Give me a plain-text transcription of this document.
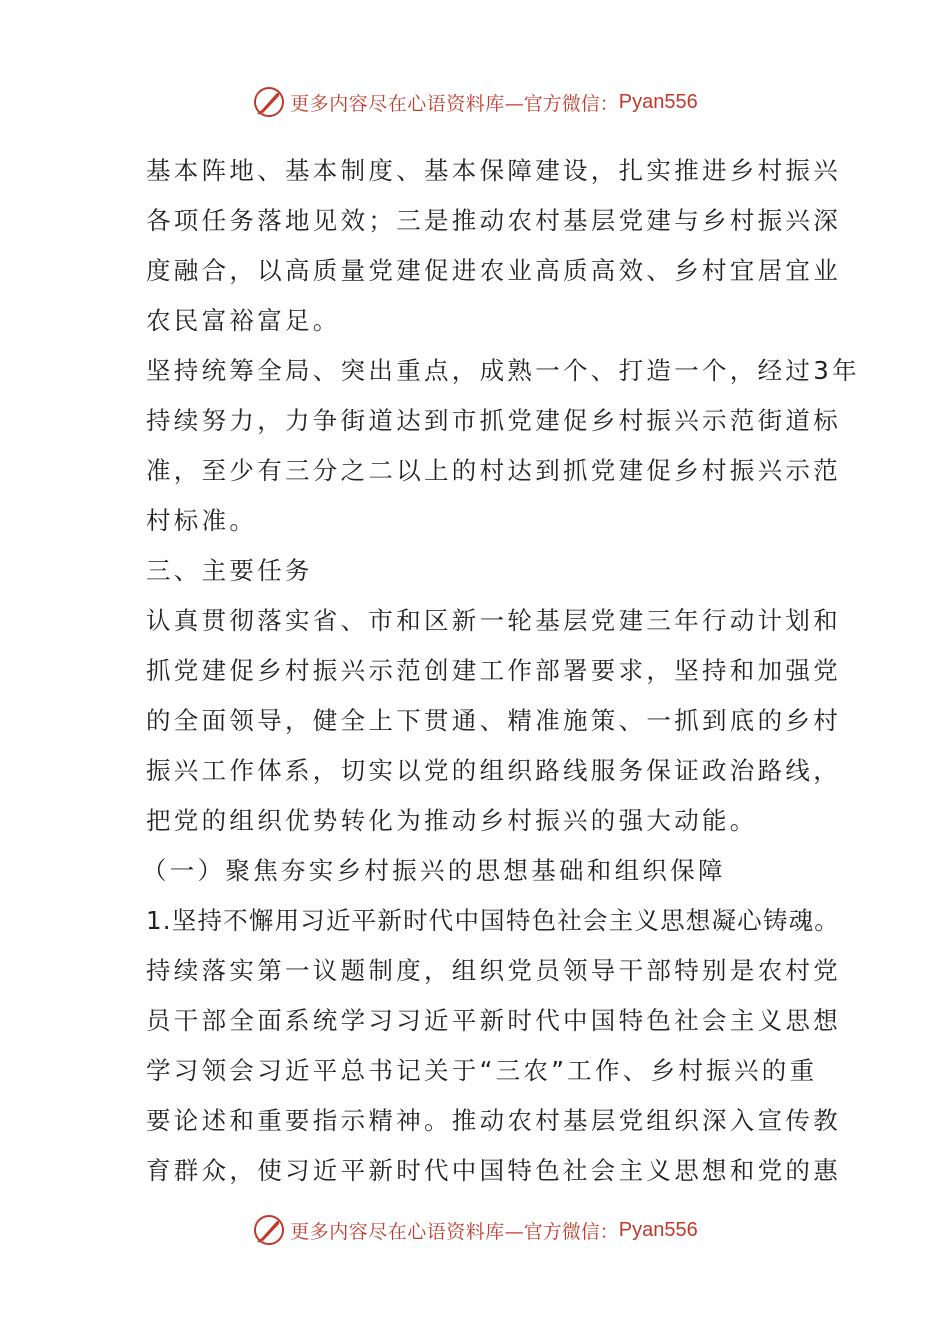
更多内容尽在心语资料库 —官方微信： Pyan556
基本阵地、基本制度、基本保障建设，扎实推进乡村振兴
各项任务落地见效；三是推动农村基层党建与乡村振兴深
度融合，以高质量党建促进农业高质高效、乡村宜居宜业
农民富裕富足。
坚持统筹全局、突出重点，成熟一个、打造一个，经过3年
持续努力，力争街道达到市抓党建促乡村振兴示范街道标
准，至少有三分之二以上的村达到抓党建促乡村振兴示范
村标准。
三、主要任务
认真贯彻落实省、市和区新一轮基层党建三年行动计划和
抓党建促乡村振兴示范创建工作部署要求，坚持和加强党
的全面领导，健全上下贯通、精准施策、一抓到底的乡村
振兴工作体系，切实以党的组织路线服务保证政治路线，
把党的组织优势转化为推动乡村振兴的强大动能。
（一）聚焦夯实乡村振兴的思想基础和组织保障
1.坚持不懈用习近平新时代中国特色社会主义思想凝心铸魂。
持续落实第一议题制度，组织党员领导干部特别是农村党
员干部全面系统学习习近平新时代中国特色社会主义思想
学习领会习近平总书记关于“三农”工作、乡村振兴的重
要论述和重要指示精神。推动农村基层党组织深入宣传教
育群众，使习近平新时代中国特色社会主义思想和党的惠
更多内容尽在心语资料库 —官方微信： Pyan556
